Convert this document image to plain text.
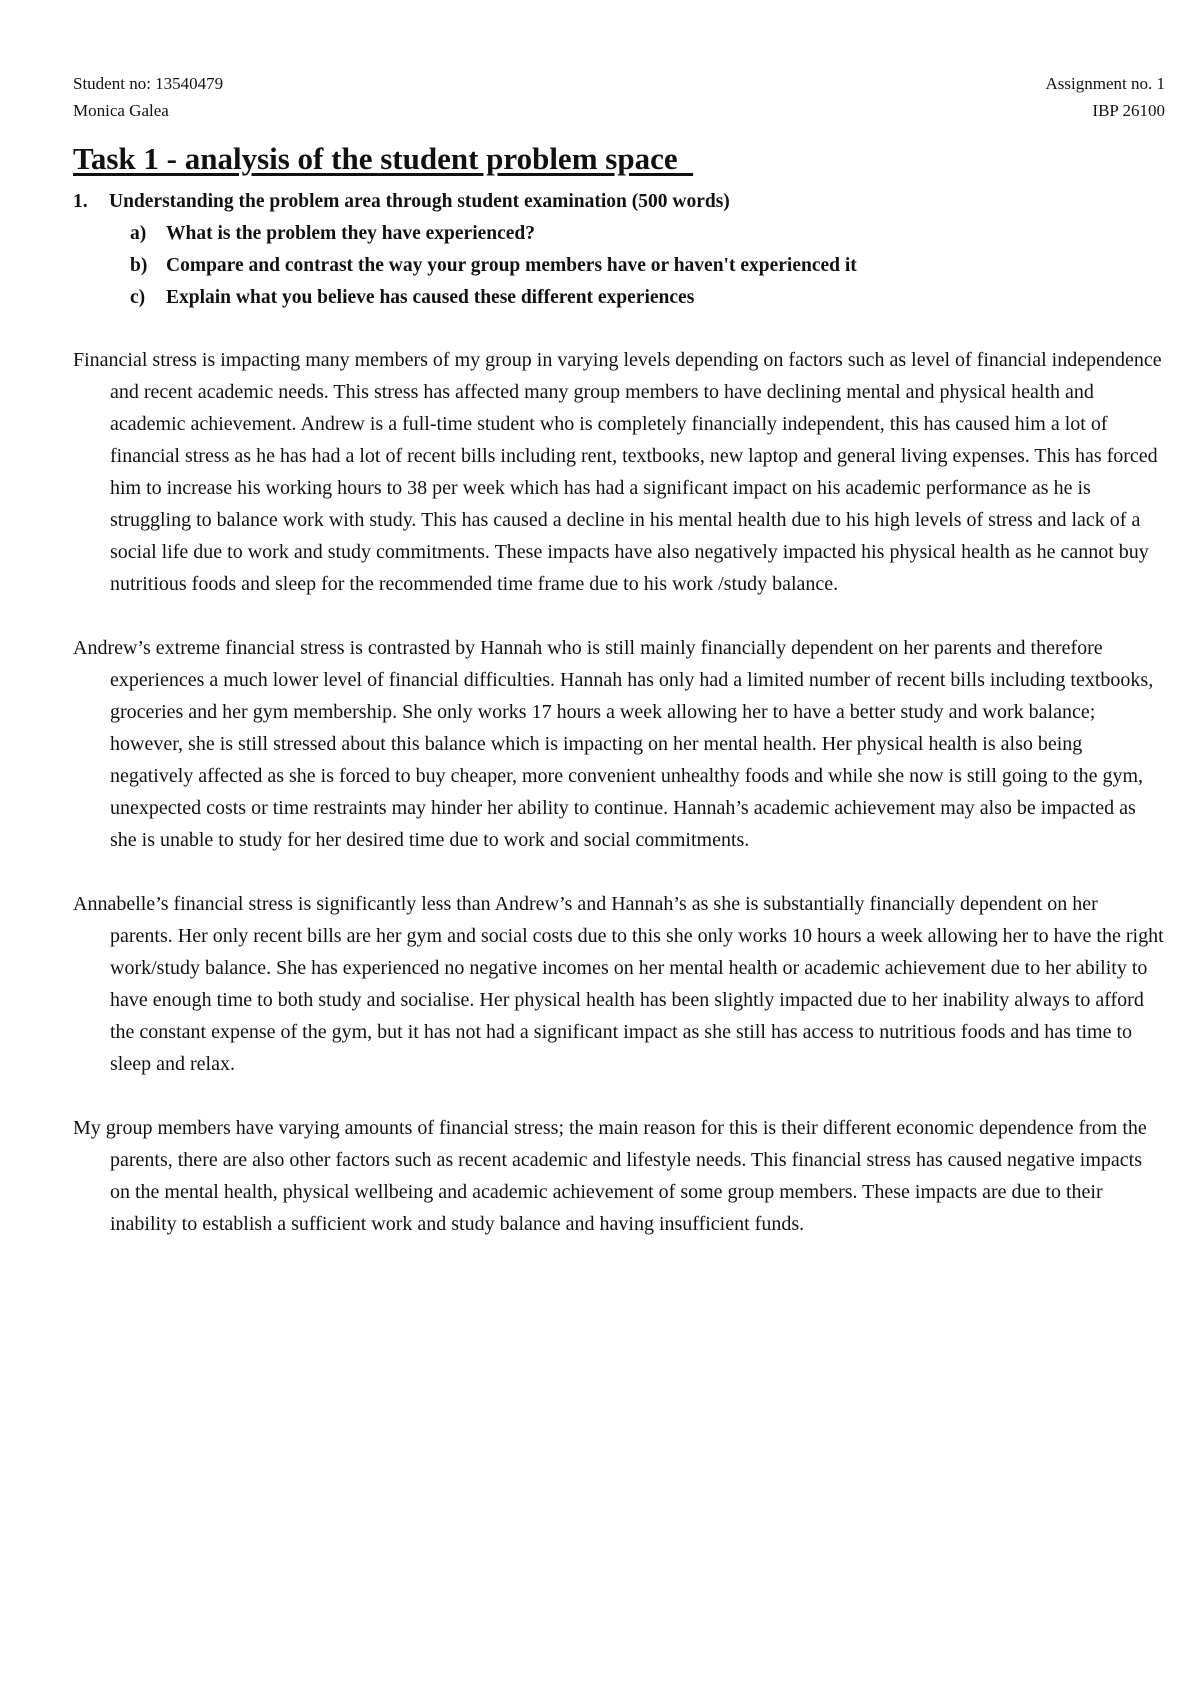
Student no: 13540479
Monica Galea
Assignment no. 1
IBP 26100
Task 1 - analysis of the student problem space
1.	Understanding the problem area through student examination (500 words)
a)	What is the problem they have experienced?
b) Compare and contrast the way your group members have or haven't experienced it
c)	Explain what you believe has caused these different experiences

Financial stress is impacting many members of my group in varying levels depending on factors such as level of financial independence and recent academic needs. This stress has affected many group members to have declining mental and physical health and academic achievement. Andrew is a full-time student who is completely financially independent, this has caused him a lot of financial stress as he has had a lot of recent bills including rent, textbooks, new laptop and general living expenses. This has forced him to increase his working hours to 38 per week which has had a significant impact on his academic performance as he is struggling to balance work with study. This has caused a decline in his mental health due to his high levels of stress and lack of a social life due to work and study commitments. These impacts have also negatively impacted his physical health as he cannot buy nutritious foods and sleep for the recommended time frame due to his work /study balance.

Andrew’s extreme financial stress is contrasted by Hannah who is still mainly financially dependent on her parents and therefore experiences a much lower level of financial difficulties. Hannah has only had a limited number of recent bills including textbooks, groceries and her gym membership. She only works 17 hours a week allowing her to have a better study and work balance; however, she is still stressed about this balance which is impacting on her mental health. Her physical health is also being negatively affected as she is forced to buy cheaper, more convenient unhealthy foods and while she now is still going to the gym, unexpected costs or time restraints may hinder her ability to continue. Hannah’s academic achievement may also be impacted as she is unable to study for her desired time due to work and social commitments.

Annabelle’s financial stress is significantly less than Andrew’s and Hannah’s as she is substantially financially dependent on her parents. Her only recent bills are her gym and social costs due to this she only works 10 hours a week allowing her to have the right work/study balance. She has experienced no negative incomes on her mental health or academic achievement due to her ability to have enough time to both study and socialise. Her physical health has been slightly impacted due to her inability always to afford the constant expense of the gym, but it has not had a significant impact as she still has access to nutritious foods and has time to sleep and relax.

My group members have varying amounts of financial stress; the main reason for this is their different economic dependence from the parents, there are also other factors such as recent academic and lifestyle needs. This financial stress has caused negative impacts on the mental health, physical wellbeing and academic achievement of some group members. These impacts are due to their inability to establish a sufficient work and study balance and having insufficient funds.
